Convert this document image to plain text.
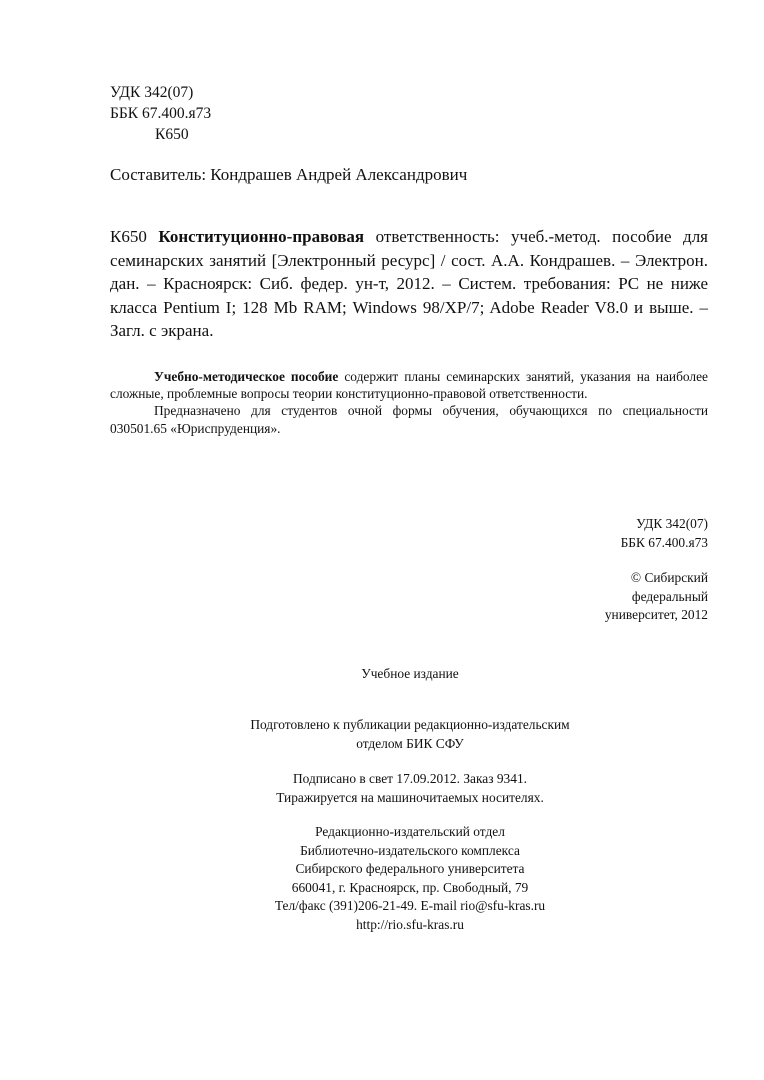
УДК 342(07)
ББК 67.400.я73
К650
Составитель: Кондрашев Андрей Александрович
К650 Конституционно-правовая ответственность: учеб.-метод. пособие для семинарских занятий [Электронный ресурс] / сост. А.А. Кондрашев. – Электрон. дан. – Красноярск: Сиб. федер. ун-т, 2012. – Систем. требования: PC не ниже класса Pentium I; 128 Mb RAM; Windows 98/XP/7; Adobe Reader V8.0 и выше. – Загл. с экрана.

Учебно-методическое пособие содержит планы семинарских занятий, указания на наиболее сложные, проблемные вопросы теории конституционно-правовой ответственности.

Предназначено для студентов очной формы обучения, обучающихся по специальности 030501.65 «Юриспруденция».

УДК 342(07)
ББК 67.400.я73
© Сибирский
федеральный
университет, 2012
Учебное издание
Подготовлено к публикации редакционно-издательским
отделом БИК СФУ
Подписано в свет 17.09.2012. Заказ 9341.
Тиражируется на машиночитаемых носителях.
Редакционно-издательский отдел
Библиотечно-издательского комплекса
Сибирского федерального университета
660041, г. Красноярск, пр. Свободный, 79
Тел/факс (391)206-21-49. E-mail rio@sfu-kras.ru
http://rio.sfu-kras.ru
